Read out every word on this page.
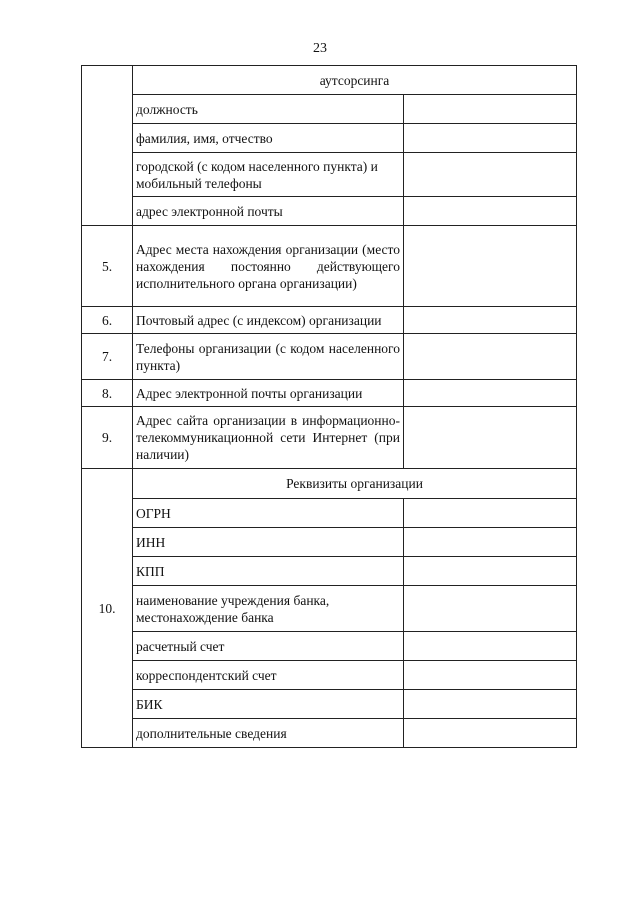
23
	аутсорсинга	
	должность	
	фамилия, имя, отчество	
	городской (с кодом населенного пункта) и мобильный телефоны	
	адрес электронной почты	
5.	Адрес места нахождения организации (место нахождения постоянно действующего исполнительного органа организации)	
6.	Почтовый адрес (с индексом) организации	
7.	Телефоны организации (с кодом населенного пункта)	
8.	Адрес электронной почты организации	
9.	Адрес сайта организации в информационно-телекоммуникационной сети Интернет (при наличии)	
10.	Реквизиты организации	
	ОГРН	
	ИНН	
	КПП	
	наименование учреждения банка, местонахождение банка	
	расчетный счет	
	корреспондентский счет	
	БИК	
	дополнительные сведения	
